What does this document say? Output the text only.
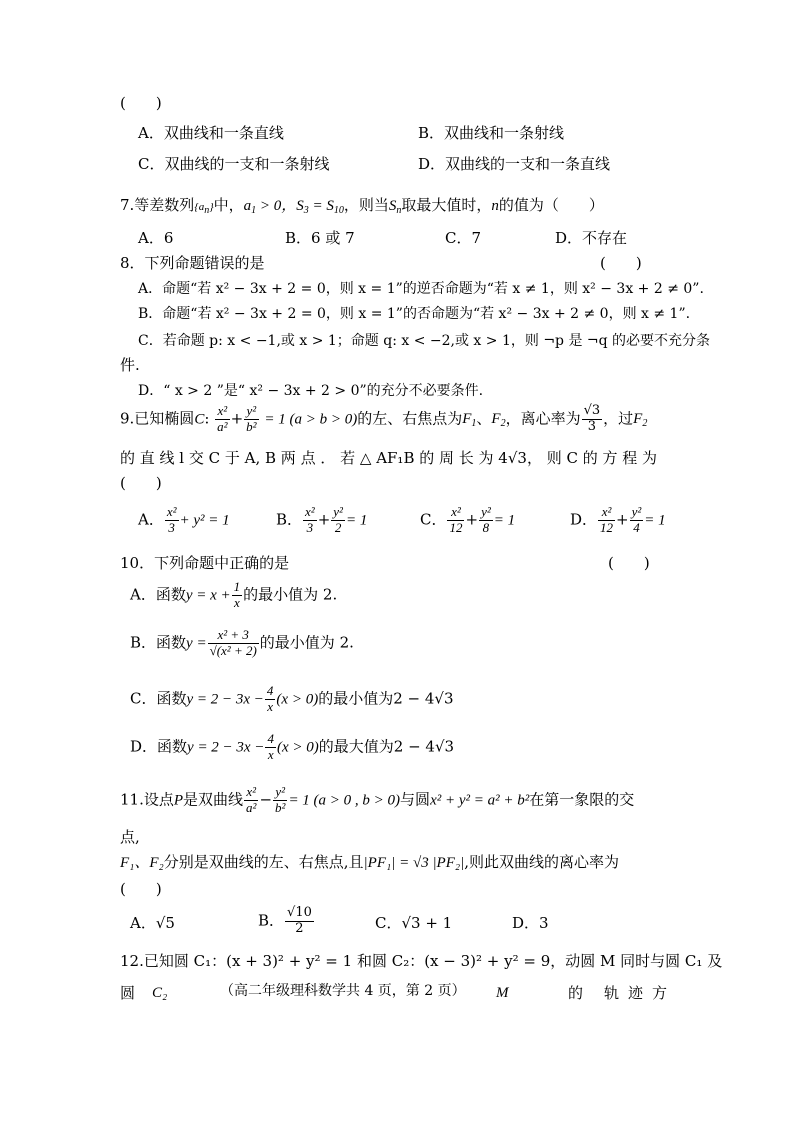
(　　)
A．双曲线和一条直线	B．双曲线和一条射线
C．双曲线的一支和一条射线	D．双曲线的一支和一条直线
7.等差数列{an}中，$a_1 > 0$，$S_3 = S_{10}$，则当$S_n$取最大值时，n的值为（　　）
A．6	B．6 或 7	C．7	D．不存在
8．下列命题错误的是	(　　)
A．命题“若 x² − 3x + 2 = 0，则 x = 1”的逆否命题为“若 x ≠ 1，则 x² − 3x + 2 ≠ 0”.
B．命题“若 x² − 3x + 2 = 0，则 x = 1”的否命题为“若 x² − 3x + 2 ≠ 0，则 x ≠ 1”.
C．若命题 p: x < −1,或 x > 1；命题 q: x < −2,或 x > 1，则 ¬p 是 ¬q 的必要不充分条
件.
D．“ x > 2 ”是“ x² − 3x + 2 > 0”的充分不必要条件.
9.已知椭圆C: $\frac{\text{x²}}{\text{a²}} + \frac{\text{y²}}{\text{b²}} = 1$ (a > b > 0)的左、右焦点为$F_1$、$F_2$，离心率为 $\frac{√3}{3}$ ，过$F_2$
的 直 线 l 交 C 于 A, B 两 点 ． 若 △ AF₁B 的 周 长 为 4√3， 则 C 的 方 程 为
(　　)
A． $\frac{\text{x²}}{3} + y^2 = 1$	B． $\frac{\text{x²}}{3} + \frac{\text{y²}}{2} = 1$	C． $\frac{\text{x²}}{12} + \frac{\text{y²}}{8} = 1$	D． $\frac{\text{x²}}{12} + \frac{\text{y²}}{4} = 1$
10．下列命题中正确的是	(　　)
A．函数$y = x + \frac{1}{x}$ 的最小值为 2.
B．函数$y = \frac{\text{x² + 3}}{\text{√(x² + 2)}}$ 的最小值为 2.
C．函数$y = 2 - 3x - \frac{4}{x} (x > 0)$的最小值为2 − 4√3
D．函数$y = 2 - 3x - \frac{4}{x} (x > 0)$的最大值为2 − 4√3
11.设点P是双曲线 $\frac{\text{x²}}{\text{a²}} - \frac{\text{y²}}{\text{b²}} = 1$ (a > 0 , b > 0)与圆x² + y² = a² + b²在第一象限的交
点,
F₁、F₂分别是双曲线的左、右焦点,且|PF₁| = √3 |PF₂|,则此双曲线的离心率为
(　　)
A．√5	B． $\frac{√10}{2}$	C．√3 + 1	D．3
12.已知圆 C₁：(x + 3)² + y² = 1 和圆 C₂：(x − 3)² + y² = 9，动圆 M 同时与圆 C₁ 及
圆 C₂	（高二年级理科数学共 4 页，第 2 页） M	的 轨 迹 方
